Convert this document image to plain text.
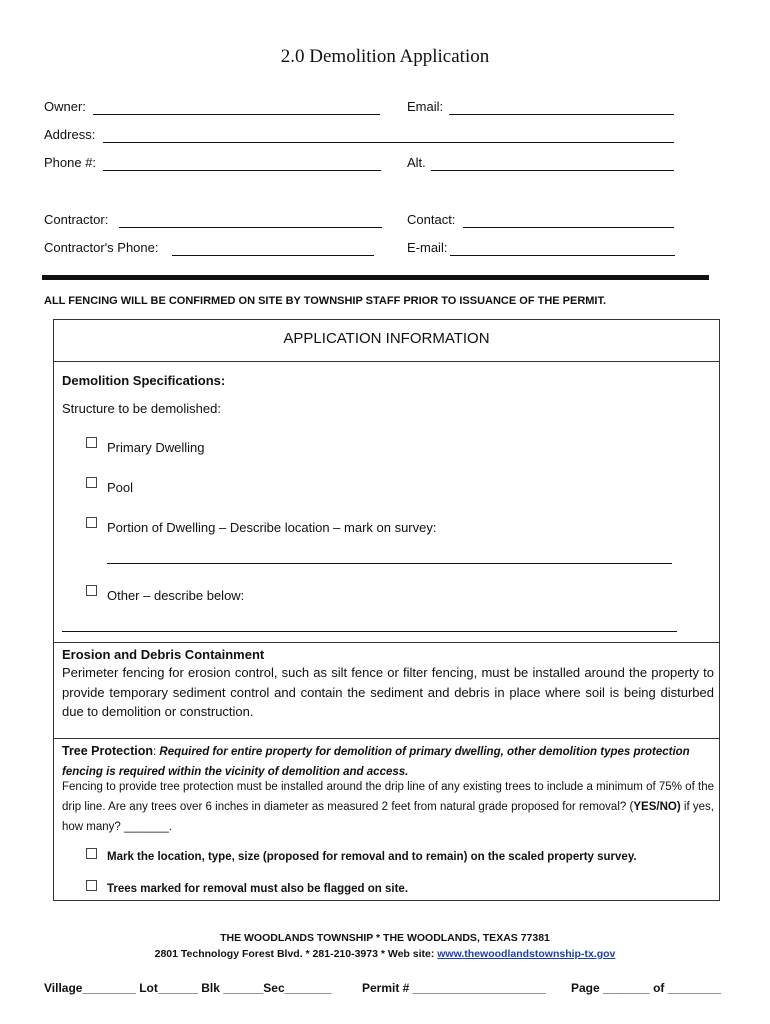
2.0 Demolition Application
Owner:	Email:
Address:
Phone #:	Alt.
Contractor:	Contact:
Contractor's Phone:	E-mail:
ALL FENCING WILL BE CONFIRMED ON SITE BY TOWNSHIP STAFF PRIOR TO ISSUANCE OF THE PERMIT.
APPLICATION INFORMATION
Demolition Specifications:
Structure to be demolished:
Primary Dwelling
Pool
Portion of Dwelling – Describe location – mark on survey:
Other – describe below:
Erosion and Debris Containment
Perimeter fencing for erosion control, such as silt fence or filter fencing, must be installed around the property to provide temporary sediment control and contain the sediment and debris in place where soil is being disturbed due to demolition or construction.
Tree Protection: Required for entire property for demolition of primary dwelling, other demolition types protection fencing is required within the vicinity of demolition and access.
Fencing to provide tree protection must be installed around the drip line of any existing trees to include a minimum of 75% of the drip line. Are any trees over 6 inches in diameter as measured 2 feet from natural grade proposed for removal? (YES/NO) if yes, how many? _______.
Mark the location, type, size (proposed for removal and to remain) on the scaled property survey.
Trees marked for removal must also be flagged on site.
THE WOODLANDS TOWNSHIP * THE WOODLANDS, TEXAS 77381
2801 Technology Forest Blvd. * 281-210-3973 * Web site: www.thewoodlandstownship-tx.gov
Village________ Lot______ Blk ______Sec_______	Permit # ____________________ Page _______ of ________
